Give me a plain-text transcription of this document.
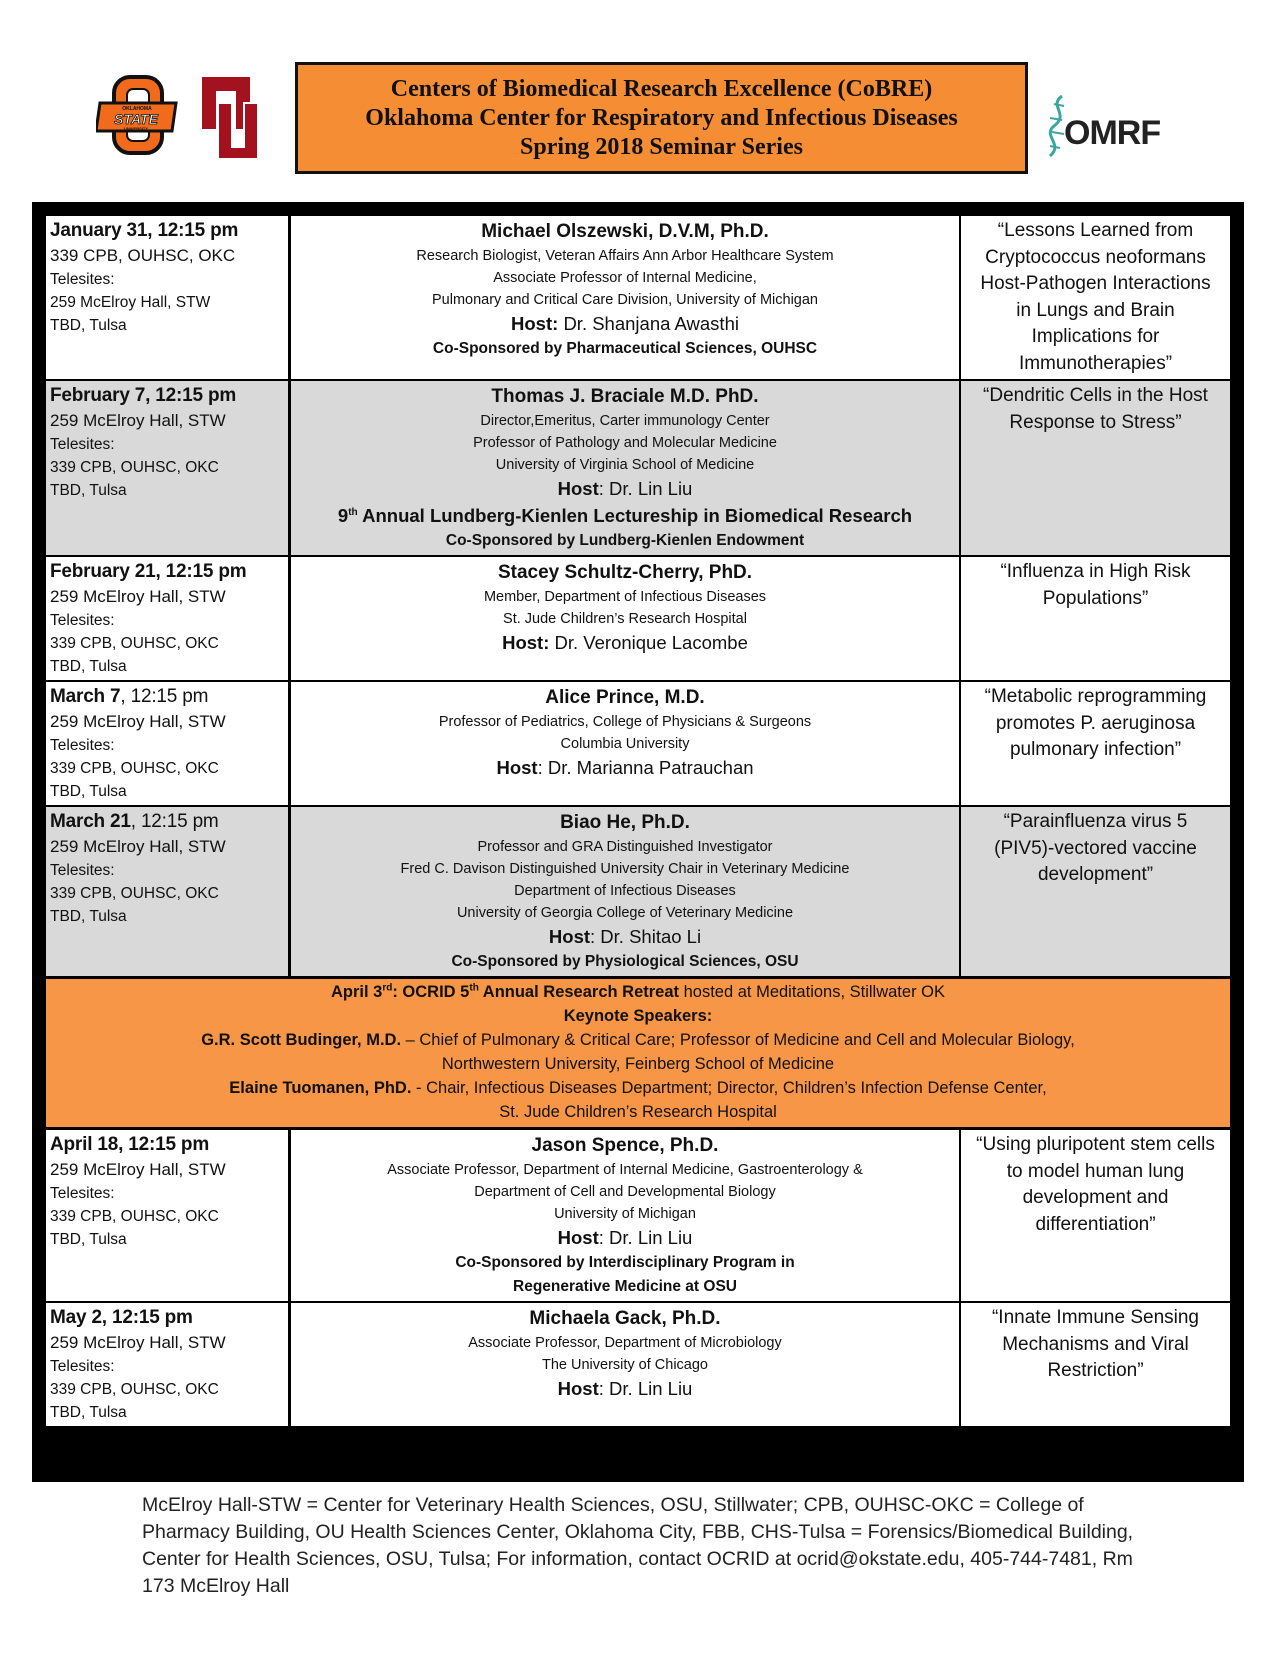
OKLAHOMA
STATE
UNIVERSITY	OMRF
Centers of Biomedical Research Excellence (CoBRE)
Oklahoma Center for Respiratory and Infectious Diseases
Spring 2018 Seminar Series
January 31, 12:15 pm
339 CPB, OUHSC, OKC
Telesites:
259 McElroy Hall, STW
TBD, Tulsa

Michael Olszewski, D.V.M, Ph.D.
Research Biologist, Veteran Affairs Ann Arbor Healthcare System
Associate Professor of Internal Medicine,
Pulmonary and Critical Care Division, University of Michigan
Host: Dr. Shanjana Awasthi
Co-Sponsored by Pharmaceutical Sciences, OUHSC

“Lessons Learned from Cryptococcus neoformans Host-Pathogen Interactions in Lungs and Brain Implications for Immunotherapies”

February 7, 12:15 pm
259 McElroy Hall, STW
Telesites:
339 CPB, OUHSC, OKC
TBD, Tulsa

Thomas J. Braciale M.D. PhD.
Director,Emeritus, Carter immunology Center
Professor of Pathology and Molecular Medicine
University of Virginia School of Medicine
Host: Dr. Lin Liu
9th Annual Lundberg-Kienlen Lectureship in Biomedical Research
Co-Sponsored by Lundberg-Kienlen Endowment

“Dendritic Cells in the Host Response to Stress”

February 21, 12:15 pm
259 McElroy Hall, STW
Telesites:
339 CPB, OUHSC, OKC
TBD, Tulsa

Stacey Schultz-Cherry, PhD.
Member, Department of Infectious Diseases
St. Jude Children’s Research Hospital
Host: Dr. Veronique Lacombe

“Influenza in High Risk Populations”

March 7, 12:15 pm
259 McElroy Hall, STW
Telesites:
339 CPB, OUHSC, OKC
TBD, Tulsa

Alice Prince, M.D.
Professor of Pediatrics, College of Physicians & Surgeons
Columbia University
Host: Dr. Marianna Patrauchan

“Metabolic reprogramming promotes P. aeruginosa pulmonary infection”

March 21, 12:15 pm
259 McElroy Hall, STW
Telesites:
339 CPB, OUHSC, OKC
TBD, Tulsa

Biao He, Ph.D.
Professor and GRA Distinguished Investigator
Fred C. Davison Distinguished University Chair in Veterinary Medicine
Department of Infectious Diseases
University of Georgia College of Veterinary Medicine
Host: Dr. Shitao Li
Co-Sponsored by Physiological Sciences, OSU

“Parainfluenza virus 5 (PIV5)-vectored vaccine development”

April 3rd: OCRID 5th Annual Research Retreat hosted at Meditations, Stillwater OK
Keynote Speakers:
G.R. Scott Budinger, M.D. – Chief of Pulmonary & Critical Care; Professor of Medicine and Cell and Molecular Biology,
Northwestern University, Feinberg School of Medicine
Elaine Tuomanen, PhD. - Chair, Infectious Diseases Department; Director, Children’s Infection Defense Center,
St. Jude Children’s Research Hospital

April 18, 12:15 pm
259 McElroy Hall, STW
Telesites:
339 CPB, OUHSC, OKC
TBD, Tulsa

Jason Spence, Ph.D.
Associate Professor, Department of Internal Medicine, Gastroenterology &
Department of Cell and Developmental Biology
University of Michigan
Host: Dr. Lin Liu
Co-Sponsored by Interdisciplinary Program in
Regenerative Medicine at OSU

“Using pluripotent stem cells to model human lung development and differentiation”

May 2, 12:15 pm
259 McElroy Hall, STW
Telesites:
339 CPB, OUHSC, OKC
TBD, Tulsa

Michaela Gack, Ph.D.
Associate Professor, Department of Microbiology
The University of Chicago
Host: Dr. Lin Liu

“Innate Immune Sensing Mechanisms and Viral Restriction”
McElroy Hall-STW = Center for Veterinary Health Sciences, OSU, Stillwater; CPB, OUHSC-OKC = College of Pharmacy Building, OU Health Sciences Center, Oklahoma City, FBB, CHS-Tulsa = Forensics/Biomedical Building, Center for Health Sciences, OSU, Tulsa; For information, contact OCRID at ocrid@okstate.edu, 405-744-7481, Rm 173 McElroy Hall
